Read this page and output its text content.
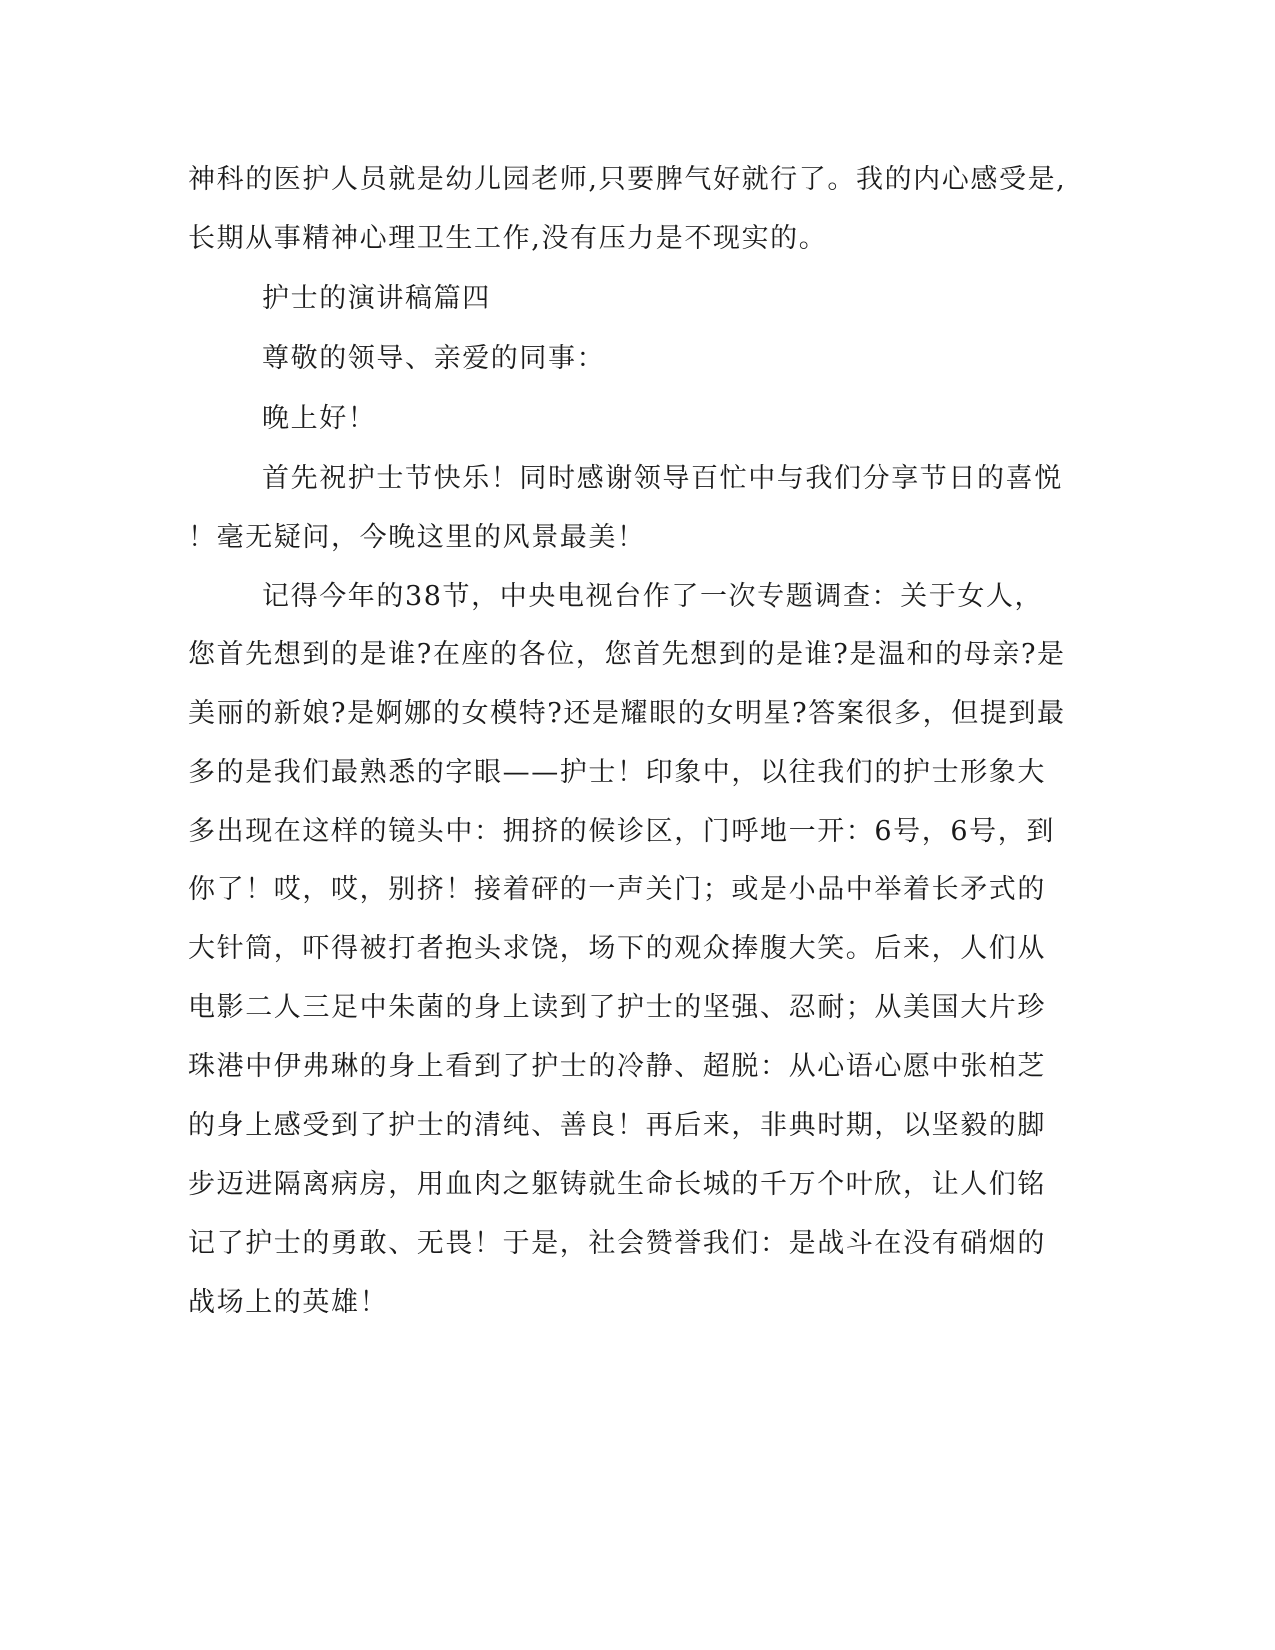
神科的医护人员就是幼儿园老师,只要脾气好就行了。我的内心感受是,
长期从事精神心理卫生工作,没有压力是不现实的。
护士的演讲稿篇四
尊敬的领导、亲爱的同事：
晚上好！
首先祝护士节快乐！同时感谢领导百忙中与我们分享节日的喜悦
！毫无疑问，今晚这里的风景最美！
记得今年的38节，中央电视台作了一次专题调查：关于女人，
您首先想到的是谁?在座的各位，您首先想到的是谁?是温和的母亲?是
美丽的新娘?是婀娜的女模特?还是耀眼的女明星?答案很多，但提到最
多的是我们最熟悉的字眼——护士！印象中，以往我们的护士形象大
多出现在这样的镜头中：拥挤的候诊区，门呼地一开：6号，6号，到
你了！哎，哎，别挤！接着砰的一声关门；或是小品中举着长矛式的
大针筒，吓得被打者抱头求饶，场下的观众捧腹大笑。后来，人们从
电影二人三足中朱菌的身上读到了护士的坚强、忍耐；从美国大片珍
珠港中伊弗琳的身上看到了护士的冷静、超脱：从心语心愿中张柏芝
的身上感受到了护士的清纯、善良！再后来，非典时期，以坚毅的脚
步迈进隔离病房，用血肉之躯铸就生命长城的千万个叶欣，让人们铭
记了护士的勇敢、无畏！于是，社会赞誉我们：是战斗在没有硝烟的
战场上的英雄！
